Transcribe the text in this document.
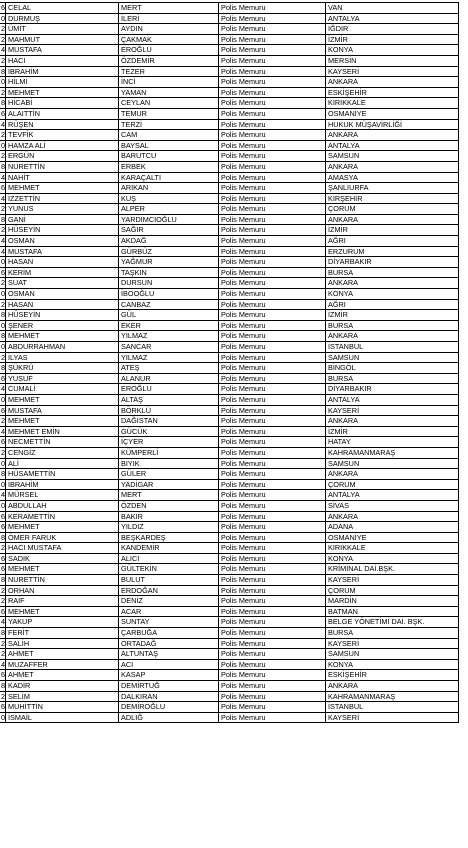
6	CELAL	MERT	Polis Memuru	VAN
0	DURMUŞ	İLERİ	Polis Memuru	ANTALYA
2	ÜMİT	AYDIN	Polis Memuru	IĞDIR
2	MAHMUT	ÇAKMAK	Polis Memuru	İZMİR
4	MUSTAFA	EROĞLU	Polis Memuru	KONYA
2	HACI	ÖZDEMİR	Polis Memuru	MERSİN
8	İBRAHİM	TEZER	Polis Memuru	KAYSERİ
0	HİLMİ	İNCİ	Polis Memuru	ANKARA
2	MEHMET	YAMAN	Polis Memuru	ESKİŞEHİR
8	HİCABİ	CEYLAN	Polis Memuru	KIRIKKALE
6	ALAITTİN	TEMUR	Polis Memuru	OSMANİYE
4	RÜŞEN	TERZİ	Polis Memuru	HUKUK MÜŞAVİRLİĞİ
2	TEVFİK	CAM	Polis Memuru	ANKARA
0	HAMZA ALİ	BAYSAL	Polis Memuru	ANTALYA
2	ERGÜN	BARUTCU	Polis Memuru	SAMSUN
8	NURETTİN	ERBEK	Polis Memuru	ANKARA
4	NAHİT	KARAÇALTI	Polis Memuru	AMASYA
6	MEHMET	ARIKAN	Polis Memuru	ŞANLIURFA
4	İZZETTİN	KUŞ	Polis Memuru	KIRŞEHİR
2	YUNUS	ALPER	Polis Memuru	ÇORUM
8	GANİ	YARDIMCIOĞLU	Polis Memuru	ANKARA
2	HÜSEYİN	SAĞIR	Polis Memuru	İZMİR
4	OSMAN	AKDAĞ	Polis Memuru	AĞRI
4	MUSTAFA	GÜRBÜZ	Polis Memuru	ERZURUM
0	HASAN	YAĞMUR	Polis Memuru	DİYARBAKIR
6	KERİM	TAŞKIN	Polis Memuru	BURSA
2	SUAT	DURSUN	Polis Memuru	ANKARA
0	OSMAN	İBOOĞLU	Polis Memuru	KONYA
2	HASAN	CANBAZ	Polis Memuru	AĞRI
8	HÜSEYİN	GÜL	Polis Memuru	İZMİR
0	ŞENER	EKER	Polis Memuru	BURSA
8	MEHMET	YILMAZ	Polis Memuru	ANKARA
0	ABDURRAHMAN	SANCAR	Polis Memuru	İSTANBUL
2	İLYAS	YILMAZ	Polis Memuru	SAMSUN
8	ŞÜKRÜ	ATEŞ	Polis Memuru	BİNGÖL
6	YUSUF	ALANUR	Polis Memuru	BURSA
4	CUMALİ	EROĞLU	Polis Memuru	DİYARBAKIR
0	MEHMET	ALTAŞ	Polis Memuru	ANTALYA
6	MUSTAFA	BÖRKLÜ	Polis Memuru	KAYSERİ
2	MEHMET	DAĞISTAN	Polis Memuru	ANKARA
4	MEHMET EMİN	GÜCÜK	Polis Memuru	İZMİR
6	NECMETTİN	İÇYER	Polis Memuru	HATAY
2	CENGİZ	KÜMPERLİ	Polis Memuru	KAHRAMANMARAŞ
0	ALİ	BIYIK	Polis Memuru	SAMSUN
8	HÜSAMETTİN	GÜLER	Polis Memuru	ANKARA
0	İBRAHİM	YADİGAR	Polis Memuru	ÇORUM
4	MÜRSEL	MERT	Polis Memuru	ANTALYA
0	ABDULLAH	ÖZDEN	Polis Memuru	SİVAS
6	KERAMETTİN	BAKIR	Polis Memuru	ANKARA
6	MEHMET	YILDIZ	Polis Memuru	ADANA
8	ÖMER FARUK	BEŞKARDEŞ	Polis Memuru	OSMANİYE
2	HACI MUSTAFA	KANDEMİR	Polis Memuru	KIRIKKALE
6	SADIK	ALICI	Polis Memuru	KONYA
6	MEHMET	GÜLTEKİN	Polis Memuru	KRİMİNAL DAİ.BŞK.
8	NURETTİN	BULUT	Polis Memuru	KAYSERİ
2	ORHAN	ERDOĞAN	Polis Memuru	ÇORUM
2	RAİF	DENİZ	Polis Memuru	MARDİN
6	MEHMET	ACAR	Polis Memuru	BATMAN
4	YAKUP	SUNTAY	Polis Memuru	BELGE YÖNETİMİ DAİ. BŞK.
8	FERİT	ÇARBUĞA	Polis Memuru	BURSA
2	SALİH	ORTADAĞ	Polis Memuru	KAYSERİ
2	AHMET	ALTUNTAŞ	Polis Memuru	SAMSUN
4	MUZAFFER	ACI	Polis Memuru	KONYA
6	AHMET	KASAP	Polis Memuru	ESKİŞEHİR
8	KADİR	DEMİRTUĞ	Polis Memuru	ANKARA
2	SELİM	DALKIRAN	Polis Memuru	KAHRAMANMARAŞ
6	MUHİTTİN	DEMİROĞLU	Polis Memuru	İSTANBUL
0	İSMAİL	ADLIĞ	Polis Memuru	KAYSERİ
